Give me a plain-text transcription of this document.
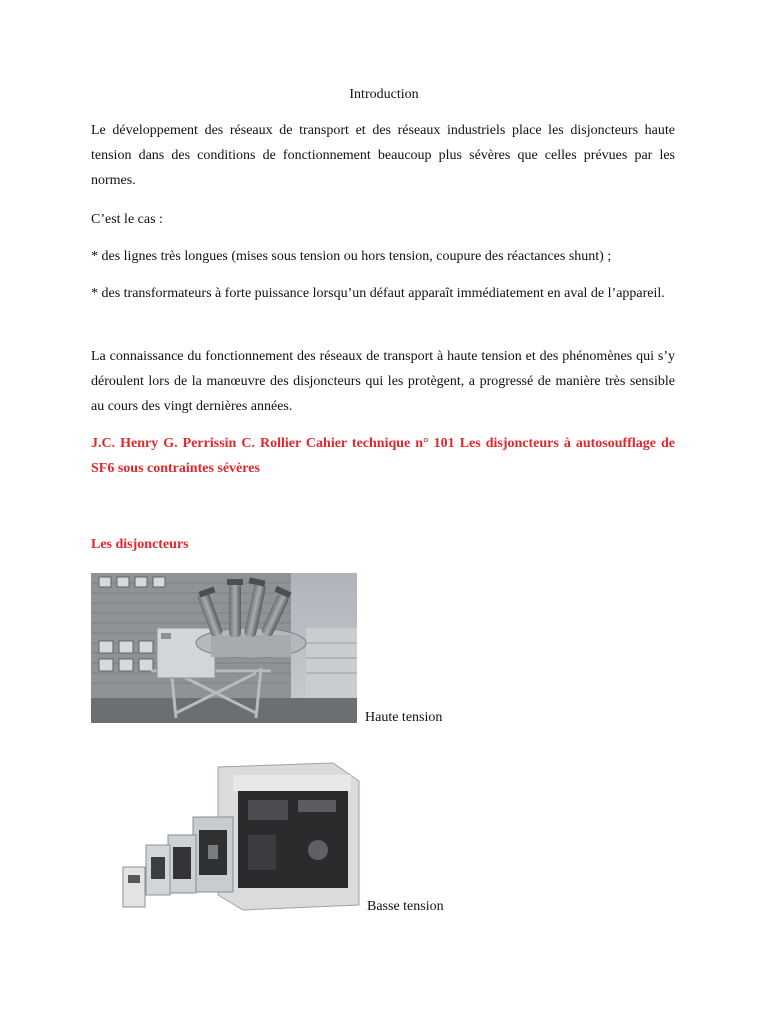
Introduction

Le développement des réseaux de transport et des réseaux industriels place les disjoncteurs haute tension dans des conditions de fonctionnement beaucoup plus sévères que celles prévues par les normes.

C’est le cas :

* des lignes très longues (mises sous tension ou hors tension, coupure des réactances shunt) ;

* des transformateurs à forte puissance lorsqu’un défaut apparaît immédiatement en aval de l’appareil.

La connaissance du fonctionnement des réseaux de transport à haute tension et des phénomènes qui s’y déroulent lors de la manœuvre des disjoncteurs qui les protègent, a progressé de manière très sensible au cours des vingt dernières années.

J.C. Henry G. Perrissin C. Rollier Cahier technique n° 101 Les disjoncteurs à autosoufflage de SF6 sous contraintes sévères

Les disjoncteurs
Haute tension
Basse tension
